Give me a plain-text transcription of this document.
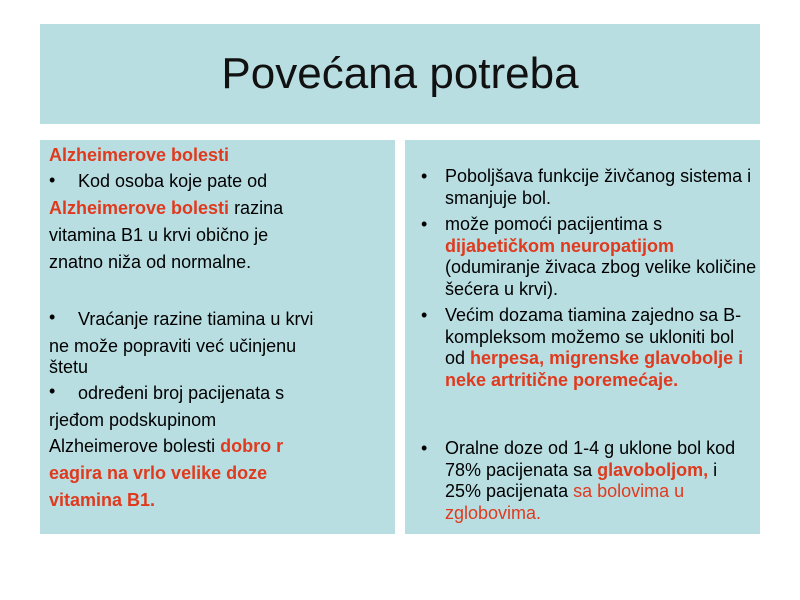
Povećana potreba
Alzheimerove bolesti
• Kod osoba koje pate od
Alzheimerove bolesti razina
vitamina B1 u krvi obično je
znatno niža od normalne.
• Vraćanje razine tiamina u krvi
ne može popraviti već učinjenu
štetu
• određeni broj pacijenata s
rjeđom podskupinom
Alzheimerove bolesti dobro r
eagira na vrlo velike doze
vitamina B1.
• Poboljšava funkcije živčanog sistema i smanjuje bol.
• može pomoći pacijentima s dijabetičkom neuropatijom (odumiranje živaca zbog velike količine šećera u krvi).
• Većim dozama tiamina zajedno sa B-kompleksom možemo se ukloniti bol od herpesa, migrenske glavobolje i neke artritične poremećaje.
• Oralne doze od 1-4 g uklone bol kod 78% pacijenata sa glavoboljom, i 25% pacijenata sa bolovima u zglobovima.
